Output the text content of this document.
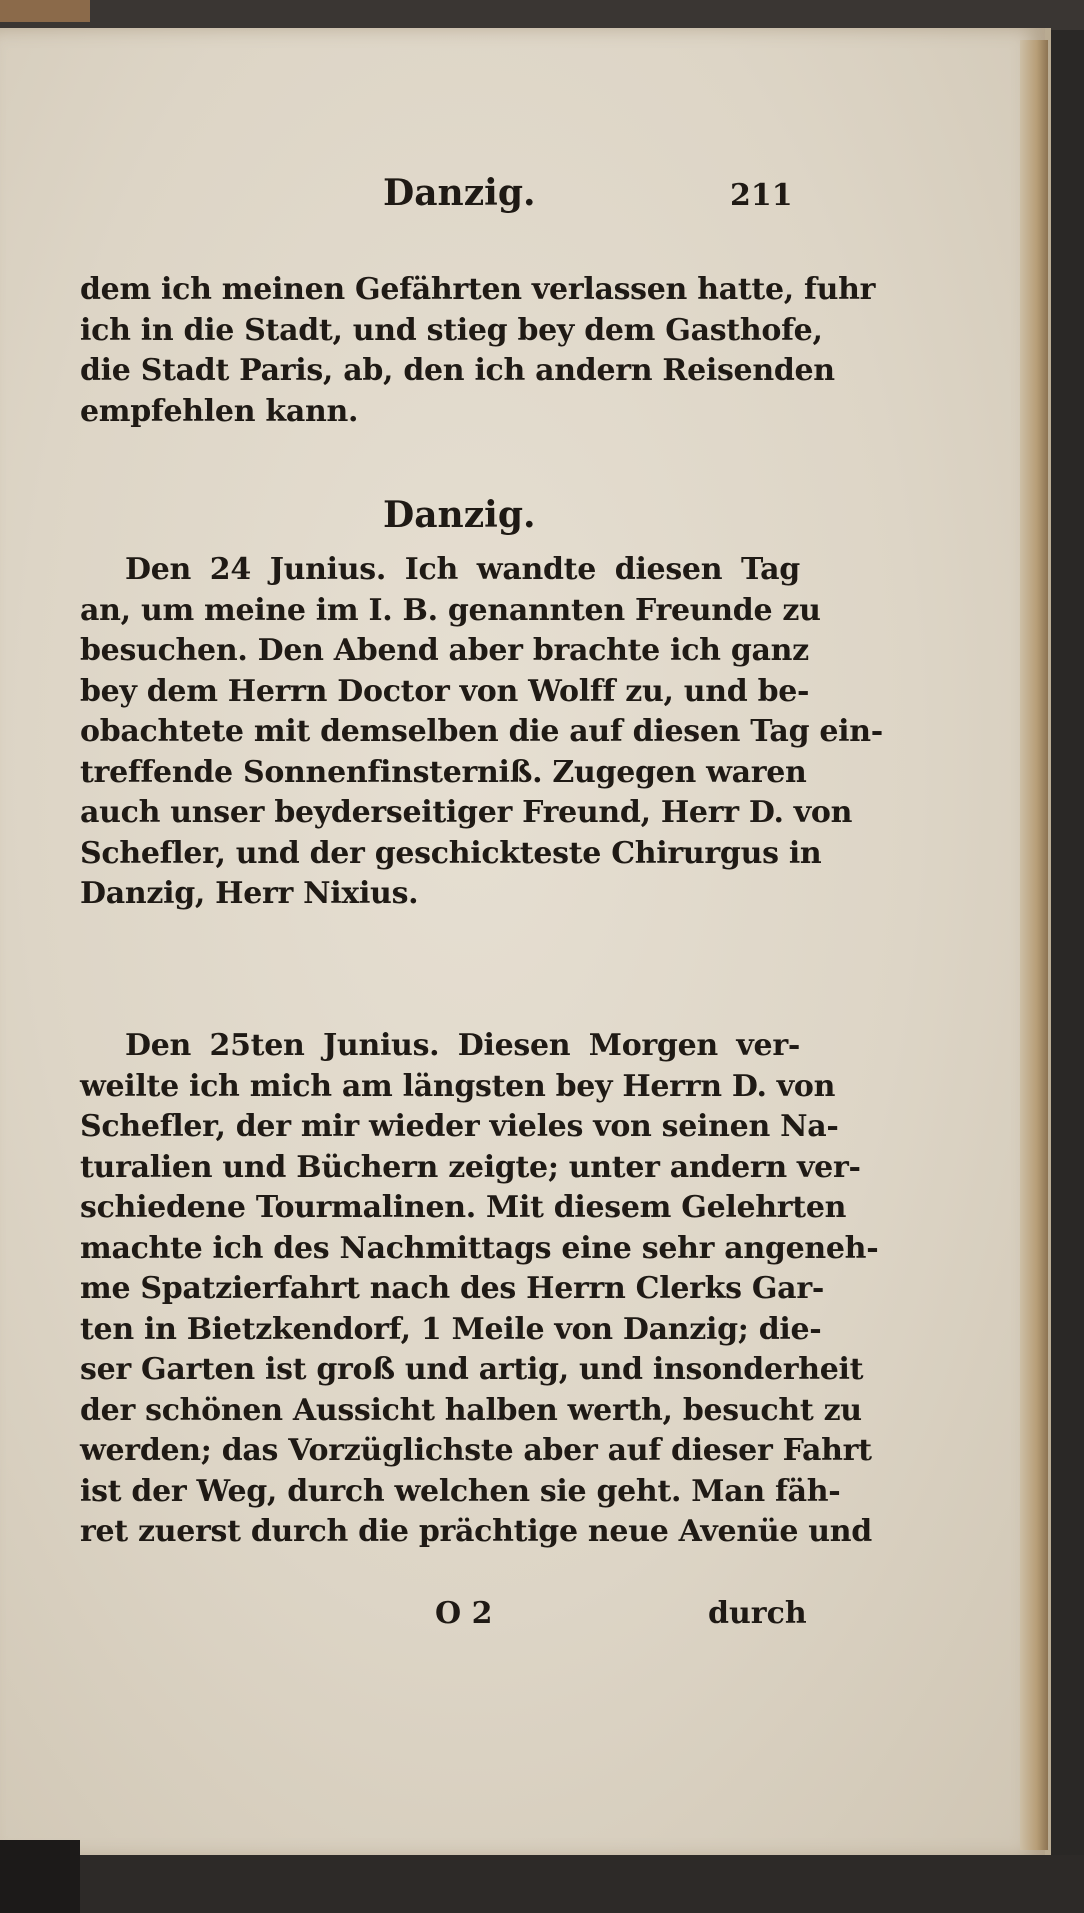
Danzig.	211
dem ich meinen Gefährten verlassen hatte, fuhr
ich in die Stadt, und stieg bey dem Gasthofe,
die Stadt Paris, ab, den ich andern Reisenden
empfehlen kann.
Danzig.
Den 24 Junius. Ich wandte diesen Tag
an, um meine im I. B. genannten Freunde zu
besuchen. Den Abend aber brachte ich ganz
bey dem Herrn Doctor von Wolff zu, und be-
obachtete mit demselben die auf diesen Tag ein-
treffende Sonnenfinsterniß. Zugegen waren
auch unser beyderseitiger Freund, Herr D. von
Schefler, und der geschickteste Chirurgus in
Danzig, Herr Nixius.
Den 25ten Junius. Diesen Morgen ver-
weilte ich mich am längsten bey Herrn D. von
Schefler, der mir wieder vieles von seinen Na-
turalien und Büchern zeigte; unter andern ver-
schiedene Tourmalinen. Mit diesem Gelehrten
machte ich des Nachmittags eine sehr angeneh-
me Spatzierfahrt nach des Herrn Clerks Gar-
ten in Bietzkendorf, 1 Meile von Danzig; die-
ser Garten ist groß und artig, und insonderheit
der schönen Aussicht halben werth, besucht zu
werden; das Vorzüglichste aber auf dieser Fahrt
ist der Weg, durch welchen sie geht. Man fäh-
ret zuerst durch die prächtige neue Avenüe und
O 2	durch
